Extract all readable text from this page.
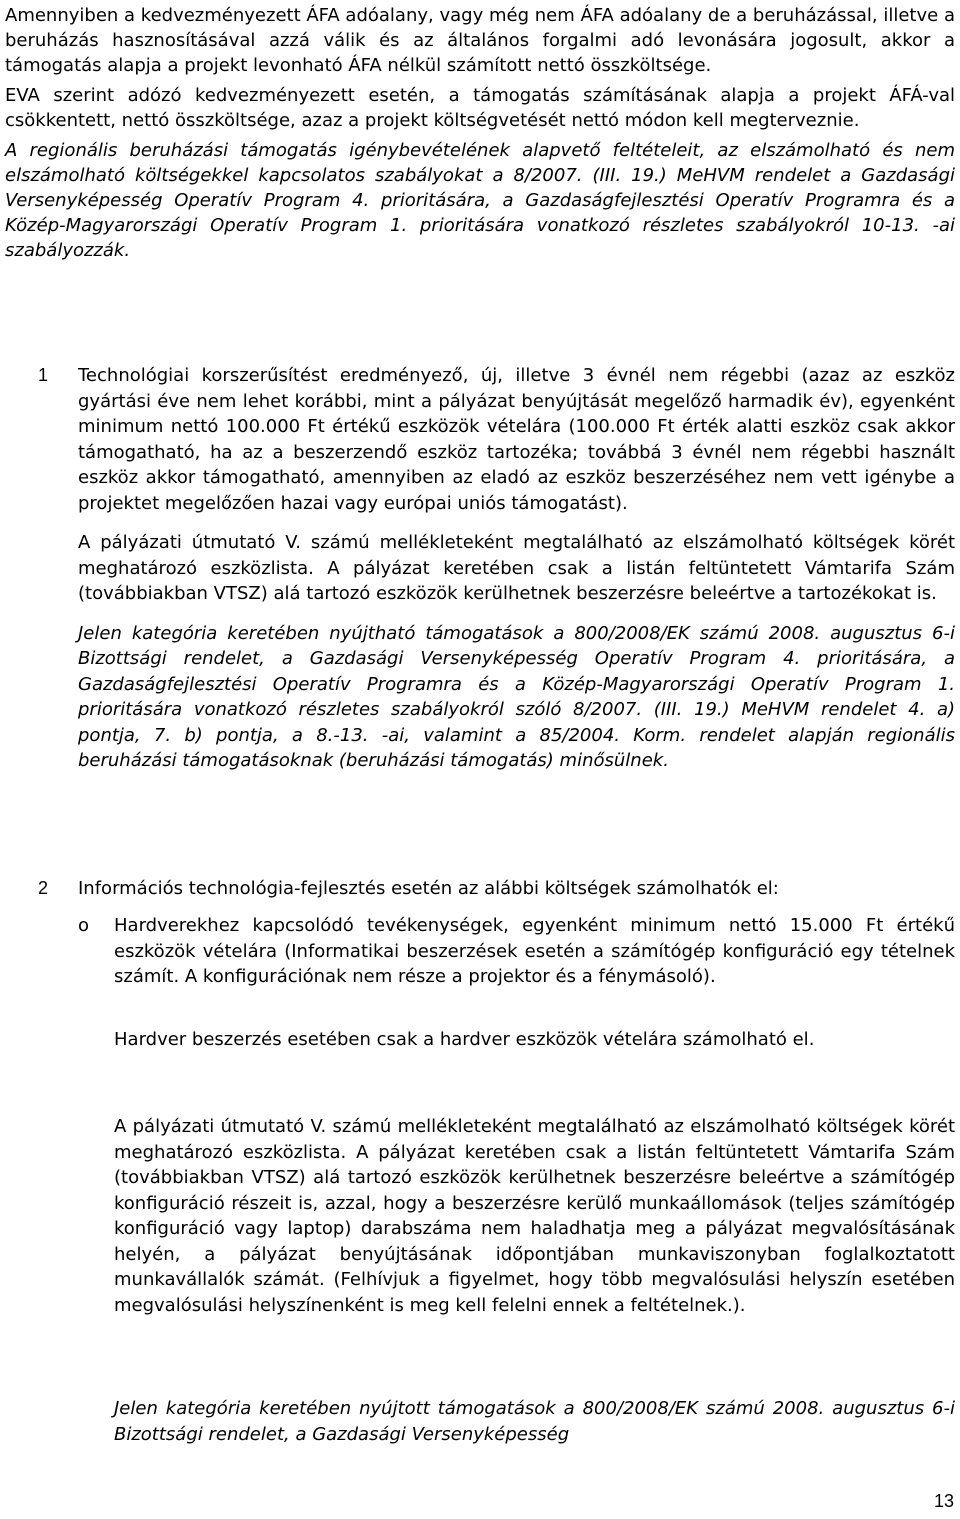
Amennyiben a kedvezményezett ÁFA adóalany, vagy még nem ÁFA adóalany de a beruházással, illetve a beruházás hasznosításával azzá válik és az általános forgalmi adó levonására jogosult, akkor a támogatás alapja a projekt levonható ÁFA nélkül számított nettó összköltsége.

EVA szerint adózó kedvezményezett esetén, a támogatás számításának alapja a projekt ÁFÁ-val csökkentett, nettó összköltsége, azaz a projekt költségvetését nettó módon kell megterveznie.

A regionális beruházási támogatás igénybevételének alapvető feltételeit, az elszámolható és nem elszámolható költségekkel kapcsolatos szabályokat a 8/2007. (III. 19.) MeHVM rendelet a Gazdasági Versenyképesség Operatív Program 4. prioritására, a Gazdaságfejlesztési Operatív Programra és a Közép-Magyarországi Operatív Program 1. prioritására vonatkozó részletes szabályokról 10-13. -ai szabályozzák.

1 Technológiai korszerűsítést eredményező, új, illetve 3 évnél nem régebbi (azaz az eszköz gyártási éve nem lehet korábbi, mint a pályázat benyújtását megelőző harmadik év), egyenként minimum nettó 100.000 Ft értékű eszközök vételára (100.000 Ft érték alatti eszköz csak akkor támogatható, ha az a beszerzendő eszköz tartozéka; továbbá 3 évnél nem régebbi használt eszköz akkor támogatható, amennyiben az eladó az eszköz beszerzéséhez nem vett igénybe a projektet megelőzően hazai vagy európai uniós támogatást).

A pályázati útmutató V. számú mellékleteként megtalálható az elszámolható költségek körét meghatározó eszközlista. A pályázat keretében csak a listán feltüntetett Vámtarifa Szám (továbbiakban VTSZ) alá tartozó eszközök kerülhetnek beszerzésre beleértve a tartozékokat is.

Jelen kategória keretében nyújtható támogatások a 800/2008/EK számú 2008. augusztus 6-i Bizottsági rendelet, a Gazdasági Versenyképesség Operatív Program 4. prioritására, a Gazdaságfejlesztési Operatív Programra és a Közép-Magyarországi Operatív Program 1. prioritására vonatkozó részletes szabályokról szóló 8/2007. (III. 19.) MeHVM rendelet 4. a) pontja, 7. b) pontja, a 8.-13. -ai, valamint a 85/2004. Korm. rendelet alapján regionális beruházási támogatásoknak (beruházási támogatás) minősülnek.

2 Információs technológia-fejlesztés esetén az alábbi költségek számolhatók el:
o Hardverekhez kapcsolódó tevékenységek, egyenként minimum nettó 15.000 Ft értékű eszközök vételára (Informatikai beszerzések esetén a számítógép konfiguráció egy tételnek számít. A konfigurációnak nem része a projektor és a fénymásoló).

Hardver beszerzés esetében csak a hardver eszközök vételára számolható el.

A pályázati útmutató V. számú mellékleteként megtalálható az elszámolható költségek körét meghatározó eszközlista. A pályázat keretében csak a listán feltüntetett Vámtarifa Szám (továbbiakban VTSZ) alá tartozó eszközök kerülhetnek beszerzésre beleértve a számítógép konfiguráció részeit is, azzal, hogy a beszerzésre kerülő munkaállomások (teljes számítógép konfiguráció vagy laptop) darabszáma nem haladhatja meg a pályázat megvalósításának helyén, a pályázat benyújtásának időpontjában munkaviszonyban foglalkoztatott munkavállalók számát. (Felhívjuk a figyelmet, hogy több megvalósulási helyszín esetében megvalósulási helyszínenként is meg kell felelni ennek a feltételnek.).

Jelen kategória keretében nyújtott támogatások a 800/2008/EK számú 2008. augusztus 6-i Bizottsági rendelet, a Gazdasági Versenyképesség

13
